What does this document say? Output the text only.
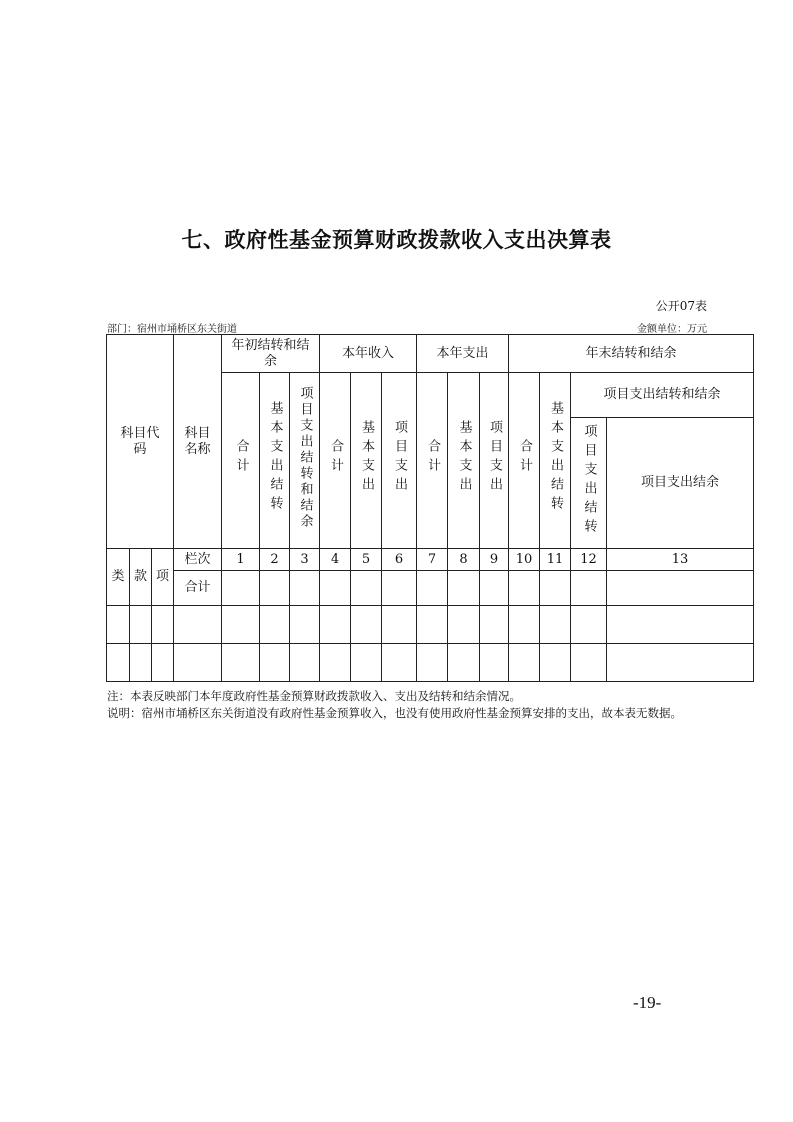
七、政府性基金预算财政拨款收入支出决算表
公开07表
部门：宿州市埇桥区东关街道	金额单位：万元
科目代码			科目名称	年初结转和结余			本年收入			本年支出			年末结转和结余			
				合计	基本支出结转	项目支出结转和结余	合计	基本支出	项目支出	合计	基本支出	项目支出	合计	基本支出结转	项目支出结转和结余	
															项目支出结转	项目支出结余
类	款	项	栏次	1	2	3	4	5	6	7	8	9	10	11	12	13
			合计													

注：本表反映部门本年度政府性基金预算财政拨款收入、支出及结转和结余情况。
说明：宿州市埇桥区东关街道没有政府性基金预算收入，也没有使用政府性基金预算安排的支出，故本表无数据。
-19-
